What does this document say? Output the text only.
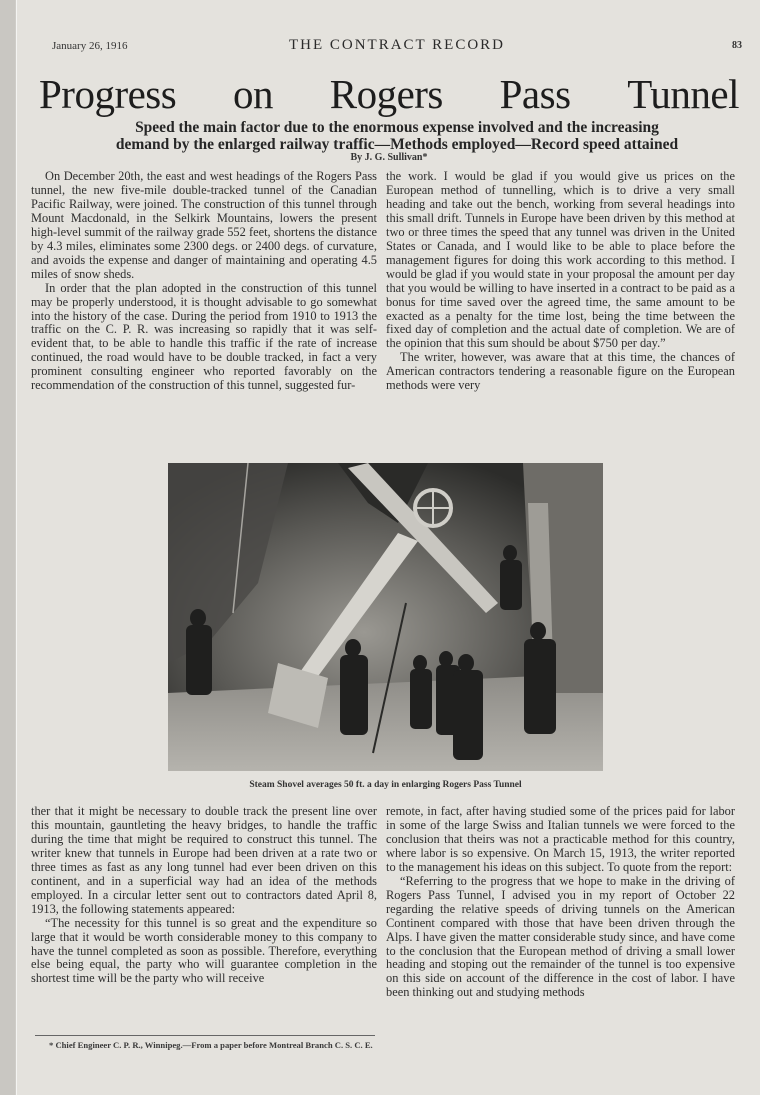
January 26, 1916	THE CONTRACT RECORD	83
Progress on Rogers Pass Tunnel
Speed the main factor due to the enormous expense involved and the increasing
demand by the enlarged railway traffic—Methods employed—Record speed attained
By J. G. Sullivan*

On December 20th, the east and west headings of the Rogers Pass tunnel, the new five-mile double-tracked tunnel of the Canadian Pacific Railway, were joined. The construction of this tunnel through Mount Macdonald, in the Selkirk Mountains, lowers the present high-level summit of the railway grade 552 feet, shortens the distance by 4.3 miles, eliminates some 2300 degs. or 2400 degs. of curvature, and avoids the expense and danger of maintaining and operating 4.5 miles of snow sheds.

In order that the plan adopted in the construction of this tunnel may be properly understood, it is thought advisable to go somewhat into the history of the case. During the period from 1910 to 1913 the traffic on the C. P. R. was increasing so rapidly that it was self-evident that, to be able to handle this traffic if the rate of increase continued, the road would have to be double tracked, in fact a very prominent consulting engineer who reported favorably on the recommendation of the construction of this tunnel, suggested fur-

the work. I would be glad if you would give us prices on the European method of tunnelling, which is to drive a very small heading and take out the bench, working from several headings into this small drift. Tunnels in Europe have been driven by this method at two or three times the speed that any tunnel was driven in the United States or Canada, and I would like to be able to place before the management figures for doing this work according to this method. I would be glad if you would state in your proposal the amount per day that you would be willing to have inserted in a contract to be paid as a bonus for time saved over the agreed time, the same amount to be exacted as a penalty for the time lost, being the time between the fixed day of completion and the actual date of completion. We are of the opinion that this sum should be about $750 per day.”

The writer, however, was aware that at this time, the chances of American contractors tendering a reasonable figure on the European methods were very

Steam Shovel averages 50 ft. a day in enlarging Rogers Pass Tunnel

ther that it might be necessary to double track the present line over this mountain, gauntleting the heavy bridges, to handle the traffic during the time that might be required to construct this tunnel. The writer knew that tunnels in Europe had been driven at a rate two or three times as fast as any long tunnel had ever been driven on this continent, and in a superficial way had an idea of the methods employed. In a circular letter sent out to contractors dated April 8, 1913, the following statements appeared:

“The necessity for this tunnel is so great and the expenditure so large that it would be worth considerable money to this company to have the tunnel completed as soon as possible. Therefore, everything else being equal, the party who will guarantee completion in the shortest time will be the party who will receive

remote, in fact, after having studied some of the prices paid for labor in some of the large Swiss and Italian tunnels we were forced to the conclusion that theirs was not a practicable method for this country, where labor is so expensive. On March 15, 1913, the writer reported to the management his ideas on this subject. To quote from the report:

“Referring to the progress that we hope to make in the driving of Rogers Pass Tunnel, I advised you in my report of October 22 regarding the relative speeds of driving tunnels on the American Continent compared with those that have been driven through the Alps. I have given the matter considerable study since, and have come to the conclusion that the European method of driving a small lower heading and stoping out the remainder of the tunnel is too expensive on this side on account of the difference in the cost of labor. I have been thinking out and studying methods

* Chief Engineer C. P. R., Winnipeg.—From a paper before Montreal Branch C. S. C. E.
